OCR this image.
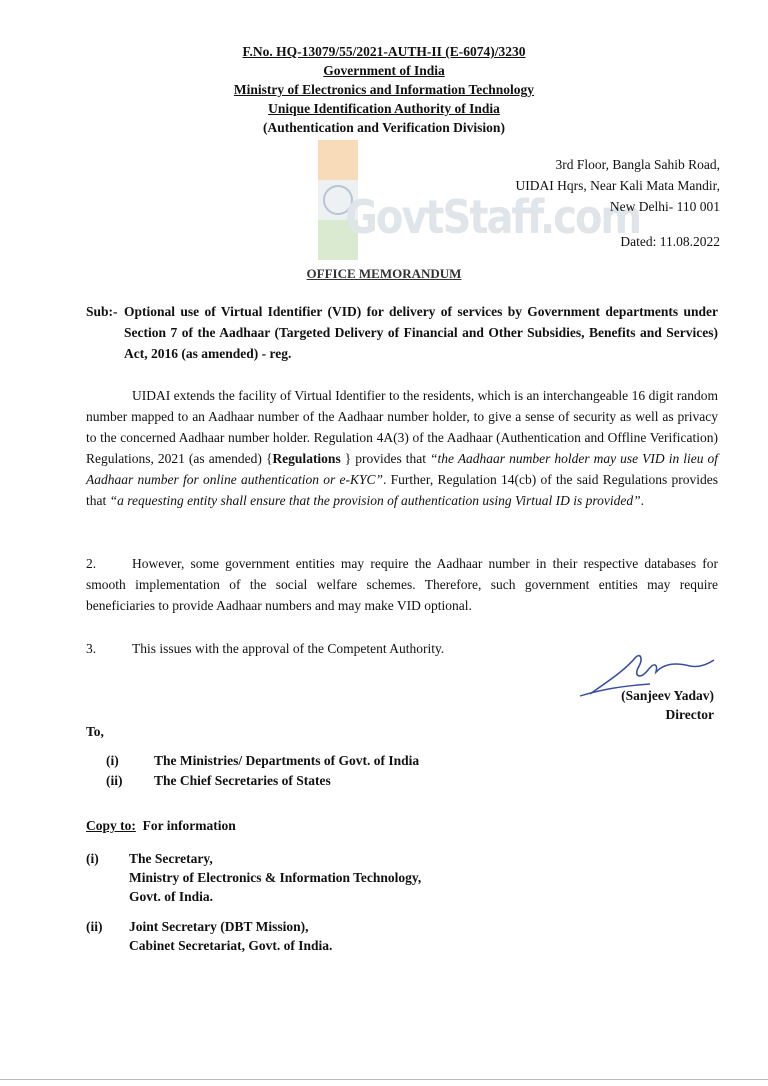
F.No. HQ-13079/55/2021-AUTH-II (E-6074)/3230
Government of India
Ministry of Electronics and Information Technology
Unique Identification Authority of India
(Authentication and Verification Division)
GovtStaff.com
3rd Floor, Bangla Sahib Road,
UIDAI Hqrs, Near Kali Mata Mandir,
New Delhi- 110 001
Dated: 11.08.2022
OFFICE MEMORANDUM
Sub:- Optional use of Virtual Identifier (VID) for delivery of services by Government departments under Section 7 of the Aadhaar (Targeted Delivery of Financial and Other Subsidies, Benefits and Services) Act, 2016 (as amended) - reg.
UIDAI extends the facility of Virtual Identifier to the residents, which is an interchangeable 16 digit random number mapped to an Aadhaar number of the Aadhaar number holder, to give a sense of security as well as privacy to the concerned Aadhaar number holder. Regulation 4A(3) of the Aadhaar (Authentication and Offline Verification) Regulations, 2021 (as amended) {Regulations } provides that “the Aadhaar number holder may use VID in lieu of Aadhaar number for online authentication or e-KYC”. Further, Regulation 14(cb) of the said Regulations provides that “a requesting entity shall ensure that the provision of authentication using Virtual ID is provided”.
2.	However, some government entities may require the Aadhaar number in their respective databases for smooth implementation of the social welfare schemes. Therefore, such government entities may require beneficiaries to provide Aadhaar numbers and may make VID optional.
3.	This issues with the approval of the Competent Authority.
(Sanjeev Yadav)
Director
To,
(i)	The Ministries/ Departments of Govt. of India
(ii) The Chief Secretaries of States
Copy to: For information
(i) The Secretary,
Ministry of Electronics & Information Technology,
Govt. of India.
(ii) Joint Secretary (DBT Mission),
Cabinet Secretariat, Govt. of India.
